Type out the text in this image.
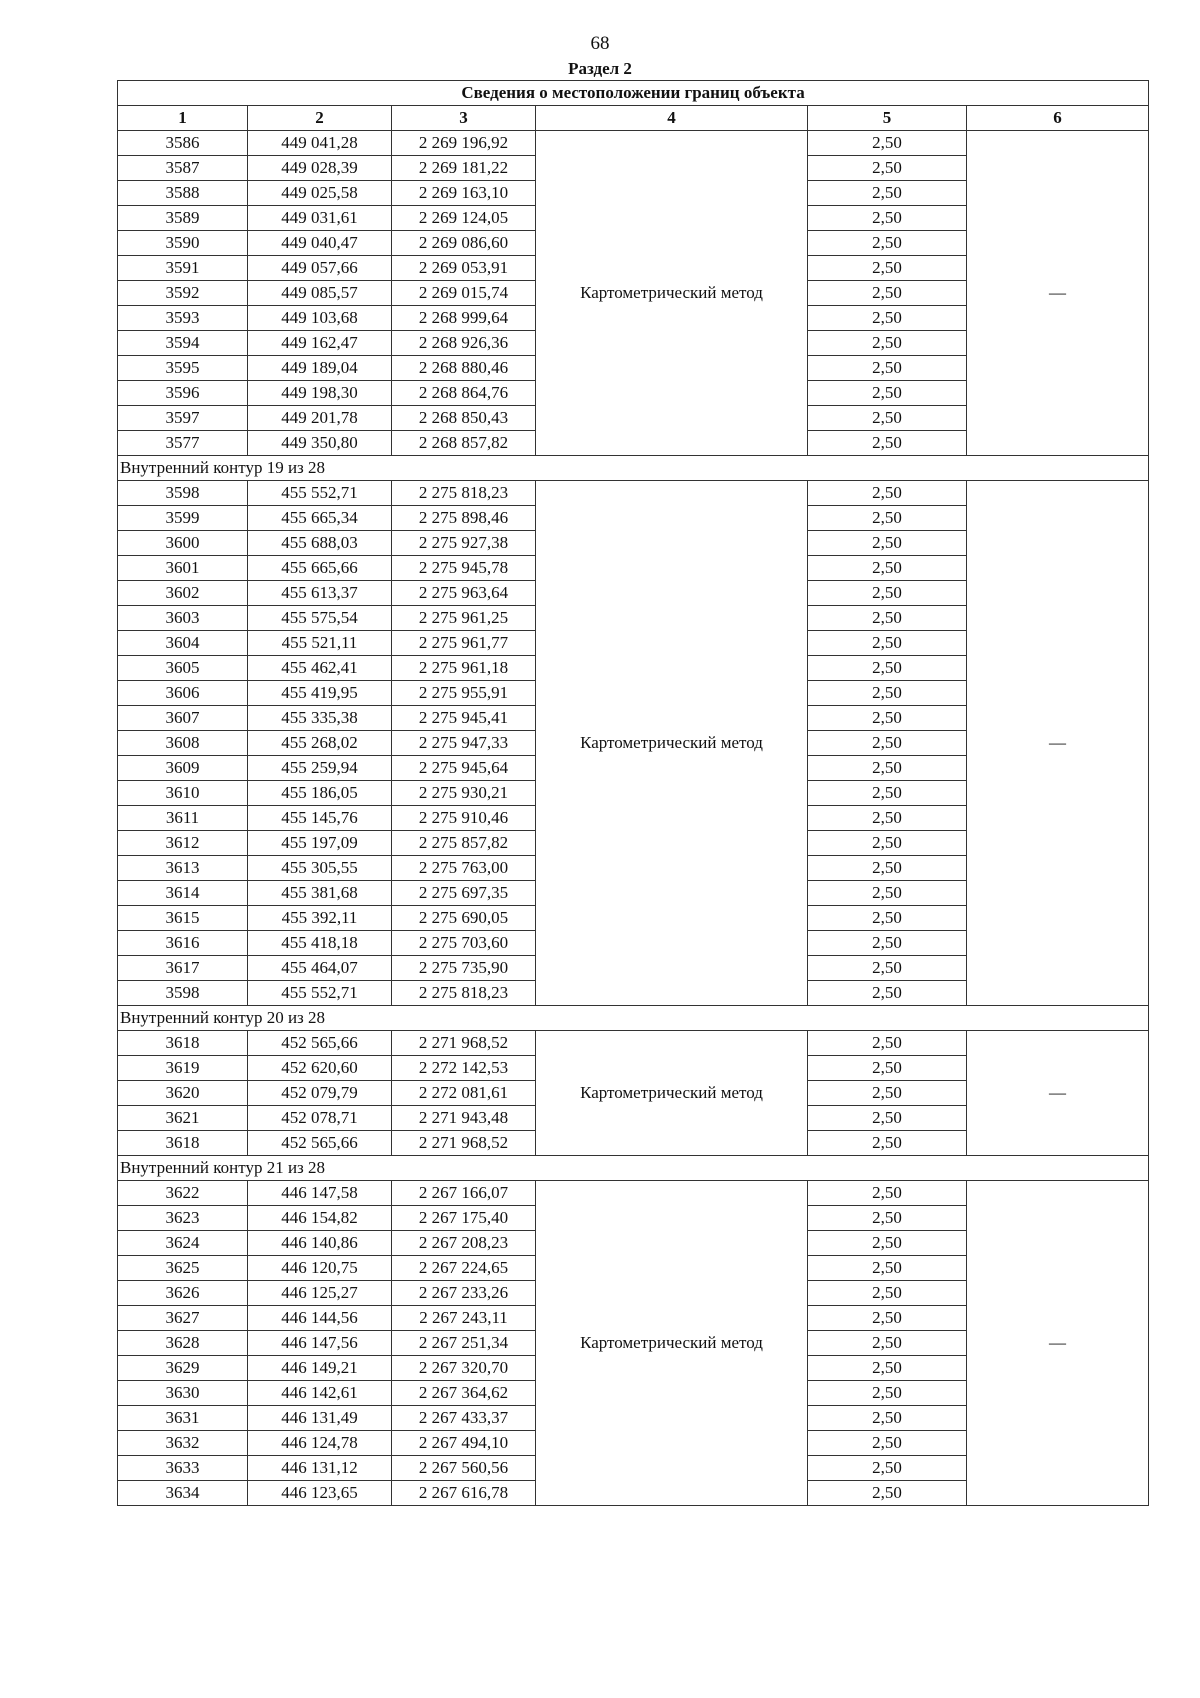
68
Раздел 2
Сведения о местоположении границ объекта					
1	2	3	4	5	6
3586	449 041,28	2 269 196,92	Картометрический метод	2,50	—
3587	449 028,39	2 269 181,22		2,50	
3588	449 025,58	2 269 163,10		2,50	
3589	449 031,61	2 269 124,05		2,50	
3590	449 040,47	2 269 086,60		2,50	
3591	449 057,66	2 269 053,91		2,50	
3592	449 085,57	2 269 015,74		2,50	
3593	449 103,68	2 268 999,64		2,50	
3594	449 162,47	2 268 926,36		2,50	
3595	449 189,04	2 268 880,46		2,50	
3596	449 198,30	2 268 864,76		2,50	
3597	449 201,78	2 268 850,43		2,50	
3577	449 350,80	2 268 857,82		2,50	
Внутренний контур 19 из 28					
3598	455 552,71	2 275 818,23	Картометрический метод	2,50	—
3599	455 665,34	2 275 898,46		2,50	
3600	455 688,03	2 275 927,38		2,50	
3601	455 665,66	2 275 945,78		2,50	
3602	455 613,37	2 275 963,64		2,50	
3603	455 575,54	2 275 961,25		2,50	
3604	455 521,11	2 275 961,77		2,50	
3605	455 462,41	2 275 961,18		2,50	
3606	455 419,95	2 275 955,91		2,50	
3607	455 335,38	2 275 945,41		2,50	
3608	455 268,02	2 275 947,33		2,50	
3609	455 259,94	2 275 945,64		2,50	
3610	455 186,05	2 275 930,21		2,50	
3611	455 145,76	2 275 910,46		2,50	
3612	455 197,09	2 275 857,82		2,50	
3613	455 305,55	2 275 763,00		2,50	
3614	455 381,68	2 275 697,35		2,50	
3615	455 392,11	2 275 690,05		2,50	
3616	455 418,18	2 275 703,60		2,50	
3617	455 464,07	2 275 735,90		2,50	
3598	455 552,71	2 275 818,23		2,50	
Внутренний контур 20 из 28					
3618	452 565,66	2 271 968,52	Картометрический метод	2,50	—
3619	452 620,60	2 272 142,53		2,50	
3620	452 079,79	2 272 081,61		2,50	
3621	452 078,71	2 271 943,48		2,50	
3618	452 565,66	2 271 968,52		2,50	
Внутренний контур 21 из 28					
3622	446 147,58	2 267 166,07	Картометрический метод	2,50	—
3623	446 154,82	2 267 175,40		2,50	
3624	446 140,86	2 267 208,23		2,50	
3625	446 120,75	2 267 224,65		2,50	
3626	446 125,27	2 267 233,26		2,50	
3627	446 144,56	2 267 243,11		2,50	
3628	446 147,56	2 267 251,34		2,50	
3629	446 149,21	2 267 320,70		2,50	
3630	446 142,61	2 267 364,62		2,50	
3631	446 131,49	2 267 433,37		2,50	
3632	446 124,78	2 267 494,10		2,50	
3633	446 131,12	2 267 560,56		2,50	
3634	446 123,65	2 267 616,78		2,50	
